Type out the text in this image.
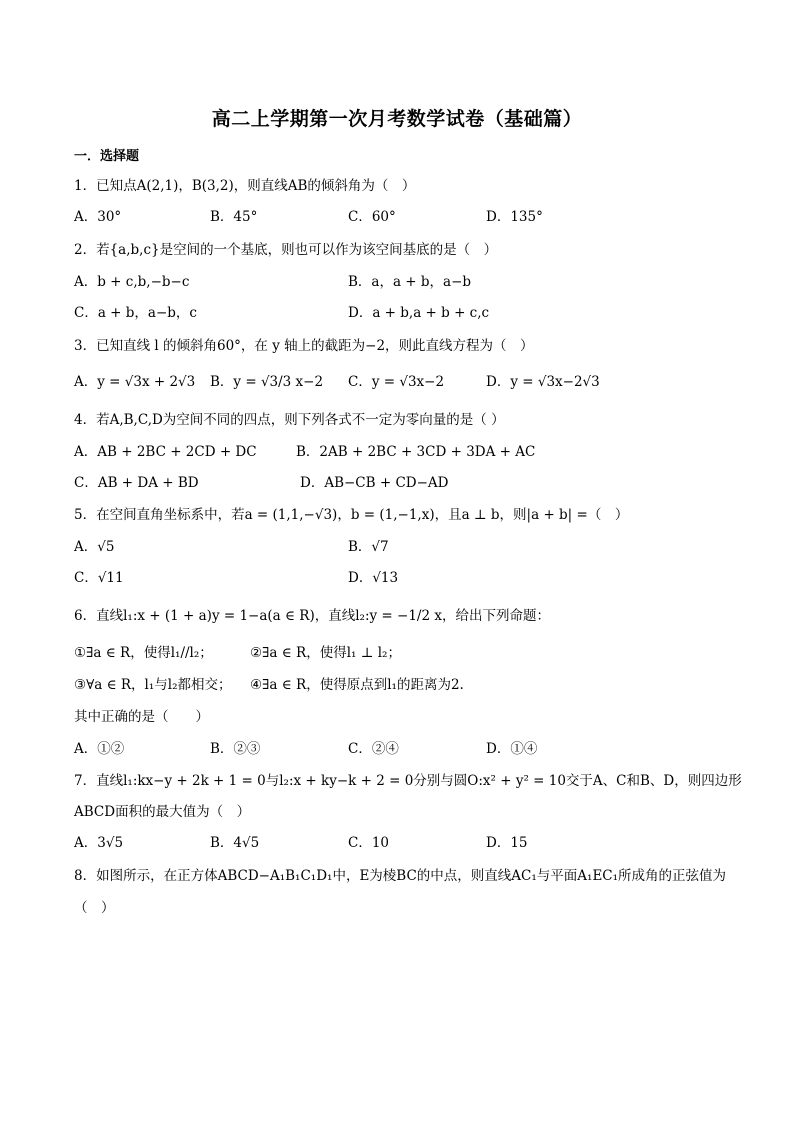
高二上学期第一次月考数学试卷（基础篇）
一．选择题
1．已知点A(2,1)，B(3,2)，则直线AB的倾斜角为（　）
A．30°	B．45°	C．60°	D．135°
2．若{a,b,c}是空间的一个基底，则也可以作为该空间基底的是（　）
A．b + c,b,−b−c	B．a，a + b，a−b
C．a + b，a−b，c	D．a + b,a + b + c,c
3．已知直线 l 的倾斜角60°，在 y 轴上的截距为−2，则此直线方程为（　）
A．y = √3x + 2√3 B．y = √3/3 x−2 C．y = √3x−2	D．y = √3x−2√3
4．若A,B,C,D为空间不同的四点，则下列各式不一定为零向量的是（ ）
A．AB + 2BC + 2CD + DC	B．2AB + 2BC + 3CD + 3DA + AC
C．AB + DA + BD	D．AB−CB + CD−AD
5．在空间直角坐标系中，若a = (1,1,−√3)，b = (1,−1,x)，且a ⊥ b，则|a + b| =（　）
A．√5	B．√7
C．√11	D．√13
6．直线l₁:x + (1 + a)y = 1−a(a ∈ R)，直线l₂:y = −1/2 x，给出下列命题：
①∃a ∈ R，使得l₁//l₂；	②∃a ∈ R，使得l₁ ⊥ l₂；
③∀a ∈ R，l₁与l₂都相交； ④∃a ∈ R，使得原点到l₁的距离为2.
其中正确的是（　　）
A．①②	B．②③	C．②④	D．①④
7．直线l₁:kx−y + 2k + 1 = 0与l₂:x + ky−k + 2 = 0分别与圆O:x² + y² = 10交于A、C和B、D，则四边形
ABCD面积的最大值为（　）
A．3√5	B．4√5	C．10	D．15
8．如图所示，在正方体ABCD−A₁B₁C₁D₁中，E为棱BC的中点，则直线AC₁与平面A₁EC₁所成角的正弦值为
（　）
